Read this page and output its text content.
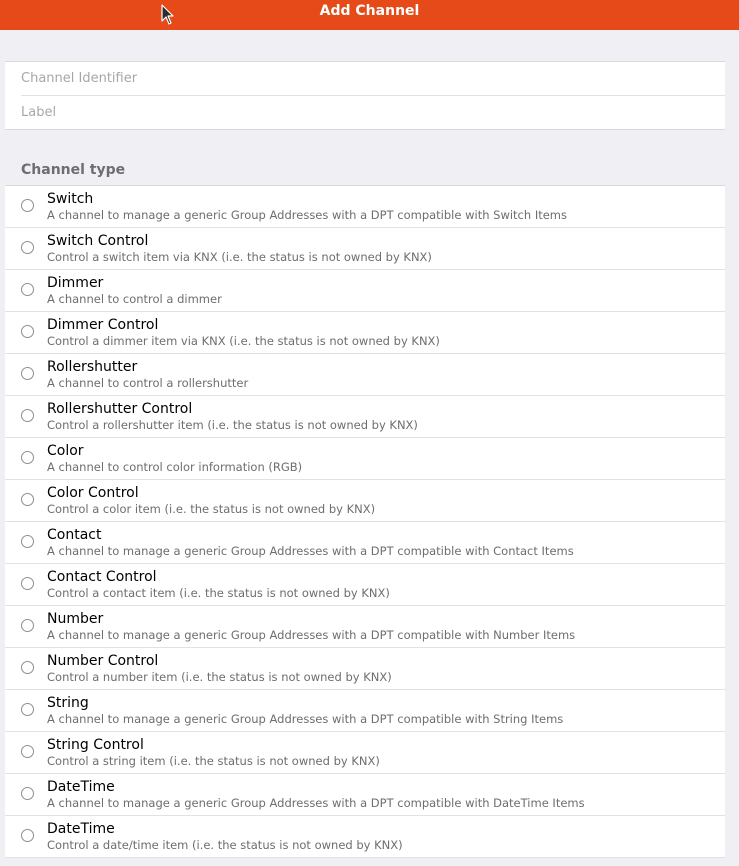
Add Channel
Channel Identifier
Label
Channel type
Switch
A channel to manage a generic Group Addresses with a DPT compatible with Switch Items
Switch Control
Control a switch item via KNX (i.e. the status is not owned by KNX)
Dimmer
A channel to control a dimmer
Dimmer Control
Control a dimmer item via KNX (i.e. the status is not owned by KNX)
Rollershutter
A channel to control a rollershutter
Rollershutter Control
Control a rollershutter item (i.e. the status is not owned by KNX)
Color
A channel to control color information (RGB)
Color Control
Control a color item (i.e. the status is not owned by KNX)
Contact
A channel to manage a generic Group Addresses with a DPT compatible with Contact Items
Contact Control
Control a contact item (i.e. the status is not owned by KNX)
Number
A channel to manage a generic Group Addresses with a DPT compatible with Number Items
Number Control
Control a number item (i.e. the status is not owned by KNX)
String
A channel to manage a generic Group Addresses with a DPT compatible with String Items
String Control
Control a string item (i.e. the status is not owned by KNX)
DateTime
A channel to manage a generic Group Addresses with a DPT compatible with DateTime Items
DateTime
Control a date/time item (i.e. the status is not owned by KNX)
